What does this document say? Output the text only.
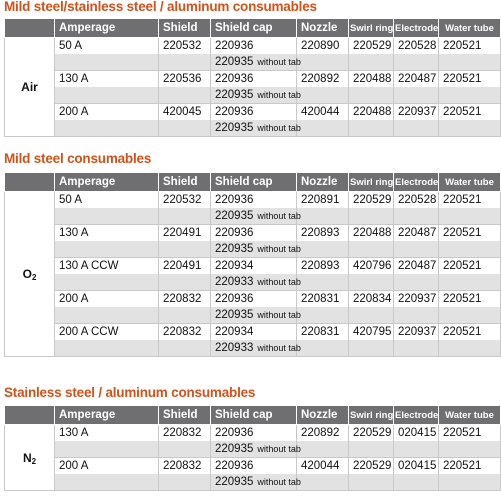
Mild steel/stainless steel / aluminum consumables
	Amperage	Shield	Shield cap	Nozzle	Swirl ring	Electrode	Water tube
Air	50 A	220532	220936	220890	220529	220528	220521
			220935 without tab				
	130 A	220536	220936	220892	220488	220487	220521
			220935 without tab				
	200 A	420045	220936	420044	220488	220937	220521
			220935 without tab				
Mild steel consumables
	Amperage	Shield	Shield cap	Nozzle	Swirl ring	Electrode	Water tube
O2	50 A	220532	220936	220891	220529	220528	220521
			220935 without tab				
	130 A	220491	220936	220893	220488	220487	220521
			220935 without tab				
	130 A CCW	220491	220934	220893	420796	220487	220521
			220933 without tab				
	200 A	220832	220936	220831	220834	220937	220521
			220935 without tab				
	200 A CCW	220832	220934	220831	420795	220937	220521
			220933 without tab				
Stainless steel / aluminum consumables
	Amperage	Shield	Shield cap	Nozzle	Swirl ring	Electrode	Water tube
N2	130 A	220832	220936	220892	220529	020415	220521
			220935 without tab				
	200 A	220832	220936	420044	220529	020415	220521
			220935 without tab				
